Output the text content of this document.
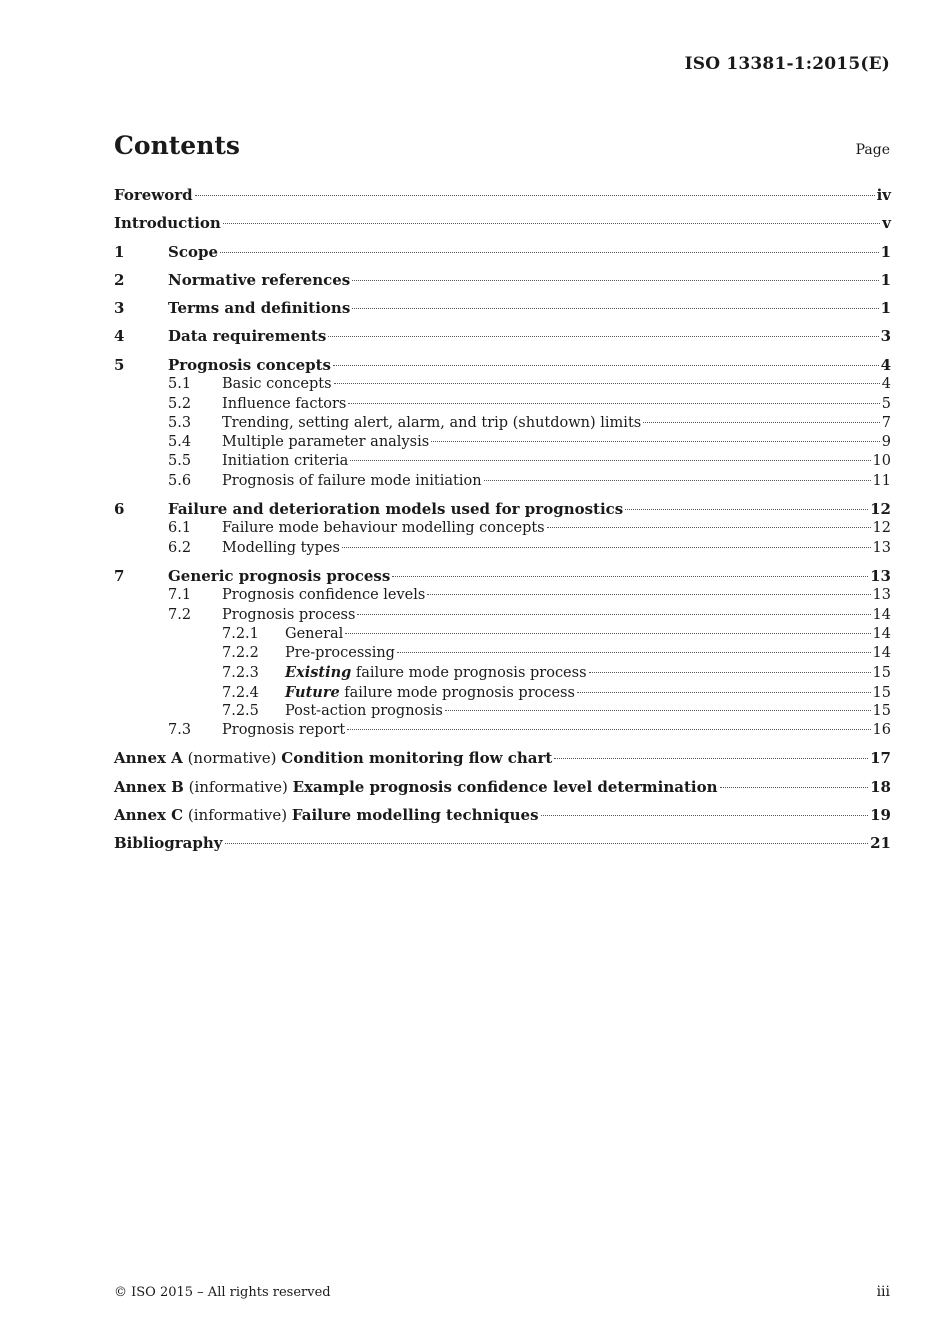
ISO 13381-1:2015(E)
Contents	Page
Foreword	iv
Introduction	v
1	Scope	1
2	Normative references	1
3	Terms and definitions	1
4	Data requirements	3
5	Prognosis concepts	4
5.1	Basic concepts	4
5.2	Influence factors	5
5.3	Trending, setting alert, alarm, and trip (shutdown) limits	7
5.4	Multiple parameter analysis	9
5.5	Initiation criteria	10
5.6	Prognosis of failure mode initiation	11
6	Failure and deterioration models used for prognostics	12
6.1	Failure mode behaviour modelling concepts	12
6.2	Modelling types	13
7	Generic prognosis process	13
7.1	Prognosis confidence levels	13
7.2	Prognosis process	14
7.2.1	General	14
7.2.2	Pre-processing	14
7.2.3	Existing failure mode prognosis process	15
7.2.4	Future failure mode prognosis process	15
7.2.5	Post-action prognosis	15
7.3	Prognosis report	16
Annex A (normative) Condition monitoring flow chart	17
Annex B (informative) Example prognosis confidence level determination	18
Annex C (informative) Failure modelling techniques	19
Bibliography	21
© ISO 2015 – All rights reserved	iii
